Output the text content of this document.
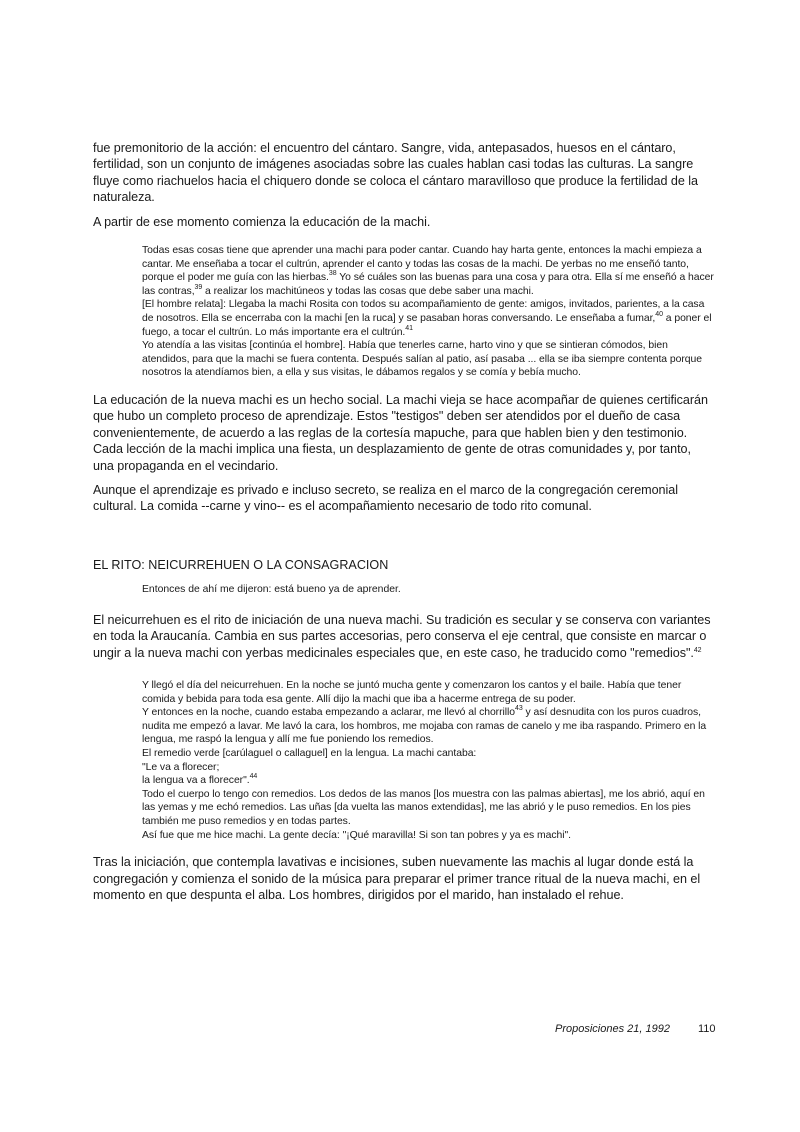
fue premonitorio de la acción: el encuentro del cántaro. Sangre, vida, antepasados, huesos en el cántaro, fertilidad, son un conjunto de imágenes asociadas sobre las cuales hablan casi todas las culturas. La sangre fluye como riachuelos hacia el chiquero donde se coloca el cántaro maravilloso que produce la fertilidad de la naturaleza.

A partir de ese momento comienza la educación de la machi.

Todas esas cosas tiene que aprender una machi para poder cantar. Cuando hay harta gente, entonces la machi empieza a cantar. Me enseñaba a tocar el cultrún, aprender el canto y todas las cosas de la machi. De yerbas no me enseñó tanto, porque el poder me guía con las hierbas.$^{38}$ Yo sé cuáles son las buenas para una cosa y para otra. Ella sí me enseñó a hacer las contras,$^{39}$ a realizar los machitúneos y todas las cosas que debe saber una machi.

[El hombre relata]: Llegaba la machi Rosita con todos su acompañamiento de gente: amigos, invitados, parientes, a la casa de nosotros. Ella se encerraba con la machi [en la ruca] y se pasaban horas conversando. Le enseñaba a fumar,$^{40}$ a poner el fuego, a tocar el cultrún. Lo más importante era el cultrún.$^{41}$

Yo atendía a las visitas [continúa el hombre]. Había que tenerles carne, harto vino y que se sintieran cómodos, bien atendidos, para que la machi se fuera contenta. Después salían al patio, así pasaba ... ella se iba siempre contenta porque nosotros la atendíamos bien, a ella y sus visitas, le dábamos regalos y se comía y bebía mucho.

La educación de la nueva machi es un hecho social. La machi vieja se hace acompañar de quienes certificarán que hubo un completo proceso de aprendizaje. Estos "testigos" deben ser atendidos por el dueño de casa convenientemente, de acuerdo a las reglas de la cortesía mapuche, para que hablen bien y den testimonio. Cada lección de la machi implica una fiesta, un desplazamiento de gente de otras comunidades y, por tanto, una propaganda en el vecindario.

Aunque el aprendizaje es privado e incluso secreto, se realiza en el marco de la congregación ceremonial cultural. La comida --carne y vino-- es el acompañamiento necesario de todo rito comunal.

EL RITO: NEICURREHUEN O LA CONSAGRACION
Entonces de ahí me dijeron: está bueno ya de aprender.

El neicurrehuen es el rito de iniciación de una nueva machi. Su tradición es secular y se conserva con variantes en toda la Araucanía. Cambia en sus partes accesorias, pero conserva el eje central, que consiste en marcar o ungir a la nueva machi con yerbas medicinales especiales que, en este caso, he traducido como "remedios".$^{42}$

Y llegó el día del neicurrehuen. En la noche se juntó mucha gente y comenzaron los cantos y el baile. Había que tener comida y bebida para toda esa gente. Allí dijo la machi que iba a hacerme entrega de su poder.

Y entonces en la noche, cuando estaba empezando a aclarar, me llevó al chorrillo$^{43}$ y así desnudita con los puros cuadros, nudita me empezó a lavar. Me lavó la cara, los hombros, me mojaba con ramas de canelo y me iba raspando. Primero en la lengua, me raspó la lengua y allí me fue poniendo los remedios.

El remedio verde [carúlaguel o callaguel] en la lengua. La machi cantaba:

"Le va a florecer;

la lengua va a florecer".$^{44}$

Todo el cuerpo lo tengo con remedios. Los dedos de las manos [los muestra con las palmas abiertas], me los abrió, aquí en las yemas y me echó remedios. Las uñas [da vuelta las manos extendidas], me las abrió y le puso remedios. En los pies también me puso remedios y en todas partes.

Así fue que me hice machi. La gente decía: "¡Qué maravilla! Si son tan pobres y ya es machi".

Tras la iniciación, que contempla lavativas e incisiones, suben nuevamente las machis al lugar donde está la congregación y comienza el sonido de la música para preparar el primer trance ritual de la nueva machi, en el momento en que despunta el alba. Los hombres, dirigidos por el marido, han instalado el rehue.

Proposiciones 21, 1992	110
